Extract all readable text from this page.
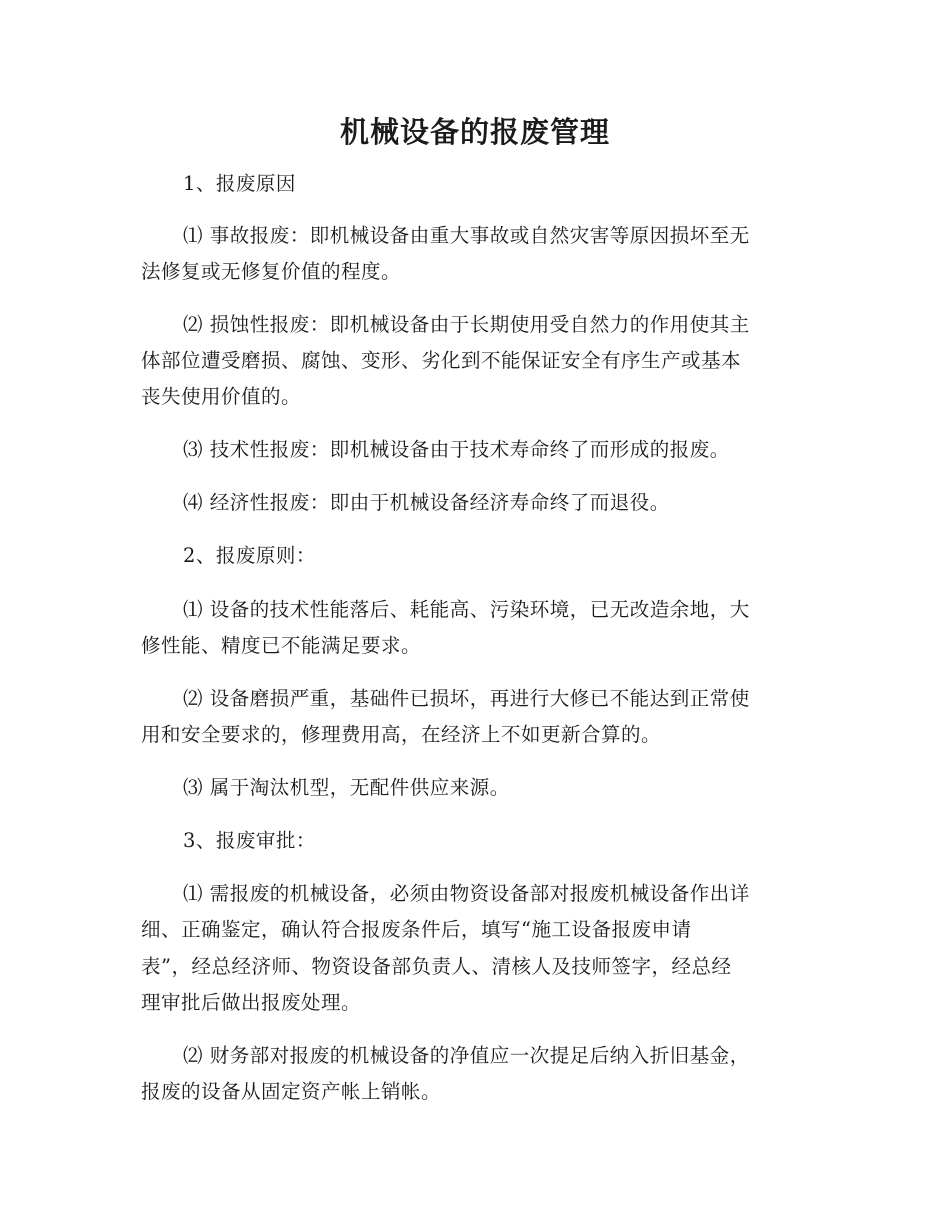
机械设备的报废管理
1、报废原因
⑴ 事故报废：即机械设备由重大事故或自然灾害等原因损坏至无
法修复或无修复价值的程度。
⑵ 损蚀性报废：即机械设备由于长期使用受自然力的作用使其主
体部位遭受磨损、腐蚀、变形、劣化到不能保证安全有序生产或基本
丧失使用价值的。
⑶ 技术性报废：即机械设备由于技术寿命终了而形成的报废。
⑷ 经济性报废：即由于机械设备经济寿命终了而退役。
2、报废原则：
⑴ 设备的技术性能落后、耗能高、污染环境，已无改造余地，大
修性能、精度已不能满足要求。
⑵ 设备磨损严重，基础件已损坏，再进行大修已不能达到正常使
用和安全要求的，修理费用高，在经济上不如更新合算的。
⑶ 属于淘汰机型，无配件供应来源。
3、报废审批：
⑴ 需报废的机械设备，必须由物资设备部对报废机械设备作出详
细、正确鉴定，确认符合报废条件后，填写“施工设备报废申请
表”，经总经济师、物资设备部负责人、清核人及技师签字，经总经
理审批后做出报废处理。
⑵ 财务部对报废的机械设备的净值应一次提足后纳入折旧基金，
报废的设备从固定资产帐上销帐。
